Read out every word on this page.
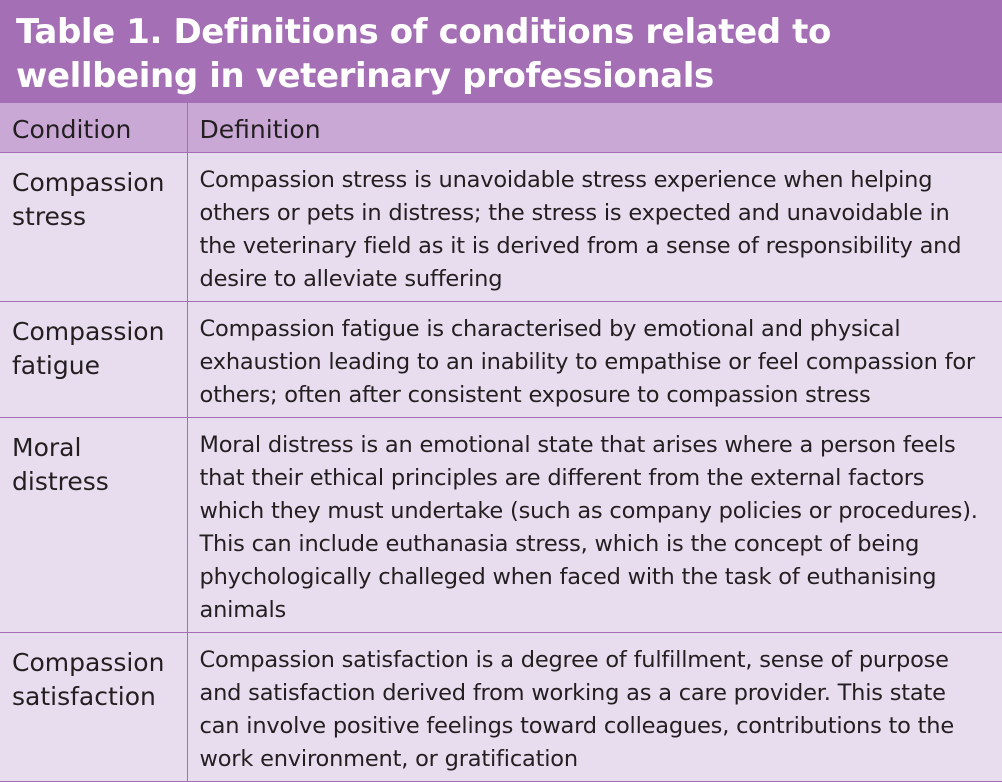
Table 1. Definitions of conditions related to wellbeing in veterinary professionals
Condition	Definition
Compassion stress	Compassion stress is unavoidable stress experience when helping others or pets in distress; the stress is expected and unavoidable in the veterinary field as it is derived from a sense of responsibility and desire to alleviate suffering
Compassion fatigue	Compassion fatigue is characterised by emotional and physical exhaustion leading to an inability to empathise or feel compassion for others; often after consistent exposure to compassion stress
Moral distress	Moral distress is an emotional state that arises where a person feels that their ethical principles are different from the external factors which they must undertake (such as company policies or procedures). This can include euthanasia stress, which is the concept of being phychologically challeged when faced with the task of euthanising animals
Compassion satisfaction	Compassion satisfaction is a degree of fulfillment, sense of purpose and satisfaction derived from working as a care provider. This state can involve positive feelings toward colleagues, contributions to the work environment, or gratification
